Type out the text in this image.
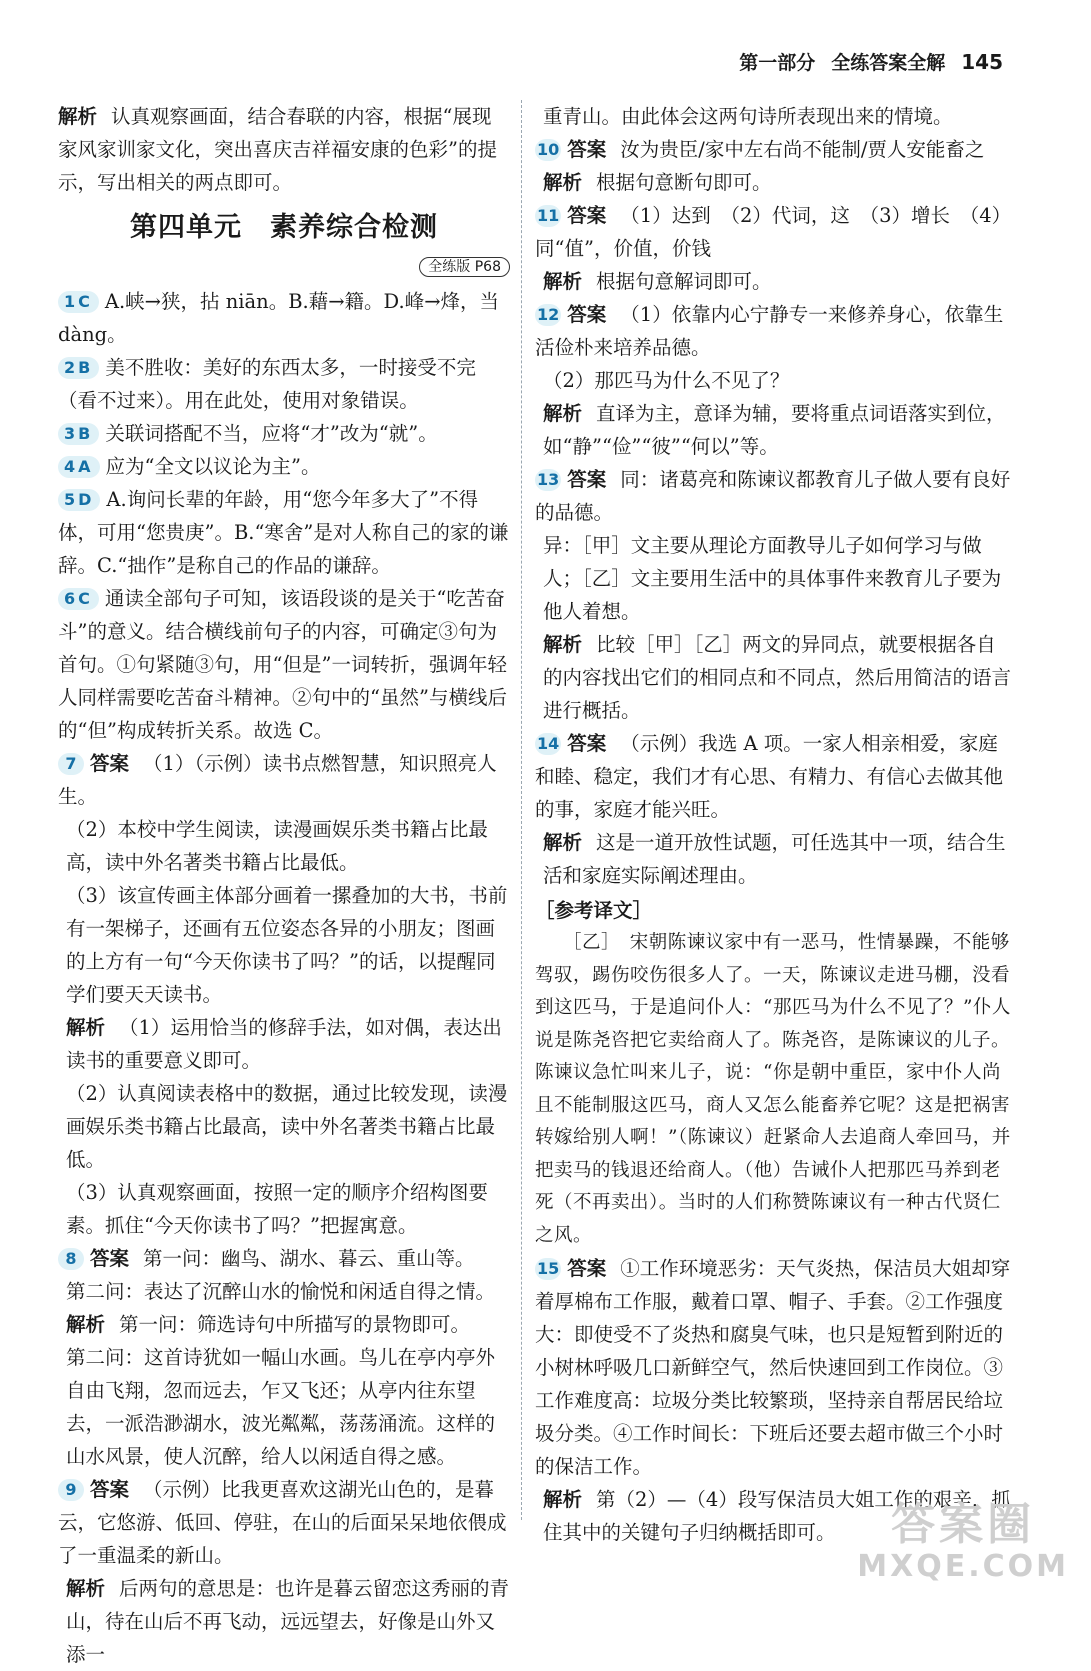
第一部分 全练答案全解 145

解析 认真观察画面，结合春联的内容，根据“展现家风家训家文化，突出喜庆吉祥福安康的色彩”的提示，写出相关的两点即可。

第四单元 素养综合检测
全练版 P68

1C A.峡→狭，拈 niān。B.藉→籍。D.峰→烽，当 dàng。

2B 美不胜收：美好的东西太多，一时接受不完（看不过来）。用在此处，使用对象错误。

3B 关联词搭配不当，应将“才”改为“就”。

4A 应为“全文以议论为主”。

5D A.询问长辈的年龄，用“您今年多大了”不得体，可用“您贵庚”。B.“寒舍”是对人称自己的家的谦辞。C.“拙作”是称自己的作品的谦辞。

6C 通读全部句子可知，该语段谈的是关于“吃苦奋斗”的意义。结合横线前句子的内容，可确定③句为首句。①句紧随③句，用“但是”一词转折，强调年轻人同样需要吃苦奋斗精神。②句中的“虽然”与横线后的“但”构成转折关系。故选 C。

7 答案 （1）（示例）读书点燃智慧，知识照亮人生。

（2）本校中学生阅读，读漫画娱乐类书籍占比最高，读中外名著类书籍占比最低。

（3）该宣传画主体部分画着一摞叠加的大书，书前有一架梯子，还画有五位姿态各异的小朋友；图画的上方有一句“今天你读书了吗？”的话，以提醒同学们要天天读书。

解析 （1）运用恰当的修辞手法，如对偶，表达出读书的重要意义即可。

（2）认真阅读表格中的数据，通过比较发现，读漫画娱乐类书籍占比最高，读中外名著类书籍占比最低。

（3）认真观察画面，按照一定的顺序介绍构图要素。抓住“今天你读书了吗？”把握寓意。

8 答案 第一问：幽鸟、湖水、暮云、重山等。

第二问：表达了沉醉山水的愉悦和闲适自得之情。

解析 第一问：筛选诗句中所描写的景物即可。

第二问：这首诗犹如一幅山水画。鸟儿在亭内亭外自由飞翔，忽而远去，乍又飞还；从亭内往东望去，一派浩渺湖水，波光粼粼，荡荡涌流。这样的山水风景，使人沉醉，给人以闲适自得之感。

9 答案 （示例）比我更喜欢这湖光山色的，是暮云，它悠游、低回、停驻，在山的后面呆呆地依偎成了一重温柔的新山。

解析 后两句的意思是：也许是暮云留恋这秀丽的青山，待在山后不再飞动，远远望去，好像是山外又添一

重青山。由此体会这两句诗所表现出来的情境。

10 答案 汝为贵臣/家中左右尚不能制/贾人安能畜之

解析 根据句意断句即可。

11 答案 （1）达到　（2）代词，这　（3）增长　（4）同“值”，价值，价钱

解析 根据句意解词即可。

12 答案 （1）依靠内心宁静专一来修养身心，依靠生活俭朴来培养品德。

（2）那匹马为什么不见了？

解析 直译为主，意译为辅，要将重点词语落实到位，如“静”“俭”“彼”“何以”等。

13 答案 同：诸葛亮和陈谏议都教育儿子做人要有良好的品德。

异：［甲］文主要从理论方面教导儿子如何学习与做人；［乙］文主要用生活中的具体事件来教育儿子要为他人着想。

解析 比较［甲］［乙］两文的异同点，就要根据各自的内容找出它们的相同点和不同点，然后用简洁的语言进行概括。

14 答案 （示例）我选 A 项。一家人相亲相爱，家庭和睦、稳定，我们才有心思、有精力、有信心去做其他的事，家庭才能兴旺。

解析 这是一道开放性试题，可任选其中一项，结合生活和家庭实际阐述理由。

［参考译文］

［乙］　宋朝陈谏议家中有一恶马，性情暴躁，不能够驾驭，踢伤咬伤很多人了。一天，陈谏议走进马棚，没看到这匹马，于是追问仆人：“那匹马为什么不见了？”仆人说是陈尧咨把它卖给商人了。陈尧咨，是陈谏议的儿子。陈谏议急忙叫来儿子，说：“你是朝中重臣，家中仆人尚且不能制服这匹马，商人又怎么能畜养它呢？这是把祸害转嫁给别人啊！”（陈谏议）赶紧命人去追商人牵回马，并把卖马的钱退还给商人。（他）告诫仆人把那匹马养到老死（不再卖出）。当时的人们称赞陈谏议有一种古代贤仁之风。

15 答案 ①工作环境恶劣：天气炎热，保洁员大姐却穿着厚棉布工作服，戴着口罩、帽子、手套。②工作强度大：即使受不了炎热和腐臭气味，也只是短暂到附近的小树林呼吸几口新鲜空气，然后快速回到工作岗位。③工作难度高：垃圾分类比较繁琐，坚持亲自帮居民给垃圾分类。④工作时间长：下班后还要去超市做三个小时的保洁工作。

解析 第（2）—（4）段写保洁员大姐工作的艰辛，抓住其中的关键句子归纳概括即可。	答案圈
MXQE.COM
